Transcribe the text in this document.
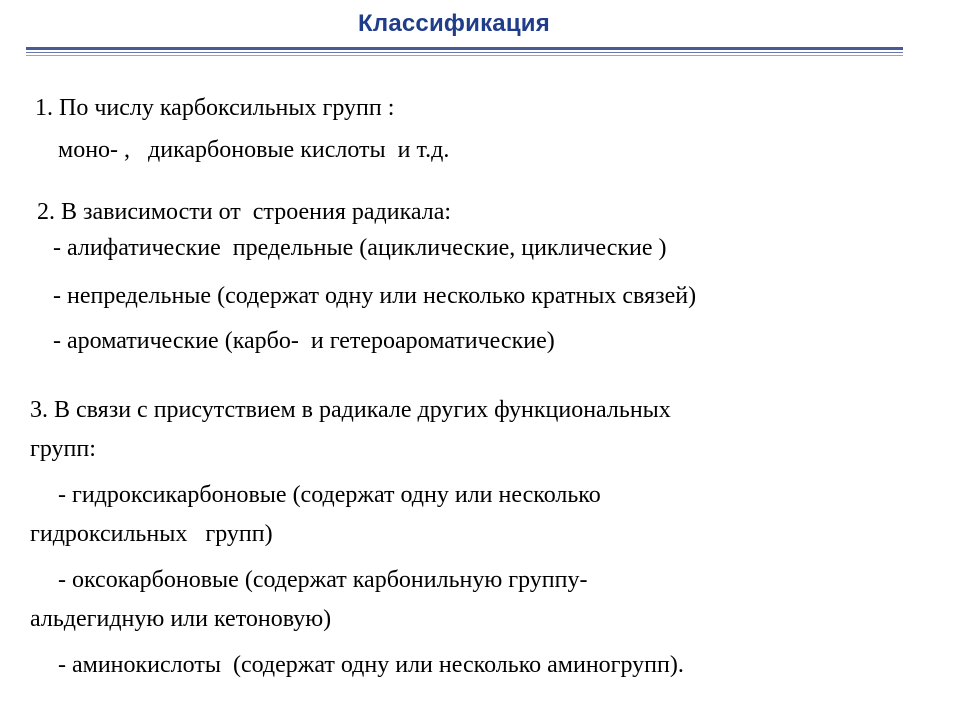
Классификация

1. По числу карбоксильных групп :

моно- ,   дикарбоновые кислоты  и т.д.

2. В зависимости от  строения радикала:

- алифатические  предельные (ациклические, циклические )

- непредельные (содержат одну или несколько кратных связей)

- ароматические (карбо-  и гетероароматические)

3. В связи с присутствием в радикале других функциональных

групп:

- гидроксикарбоновые (содержат одну или несколько

гидроксильных   групп)

- оксокарбоновые (содержат карбонильную группу-

альдегидную или кетоновую)

- аминокислоты  (содержат одну или несколько аминогрупп).
